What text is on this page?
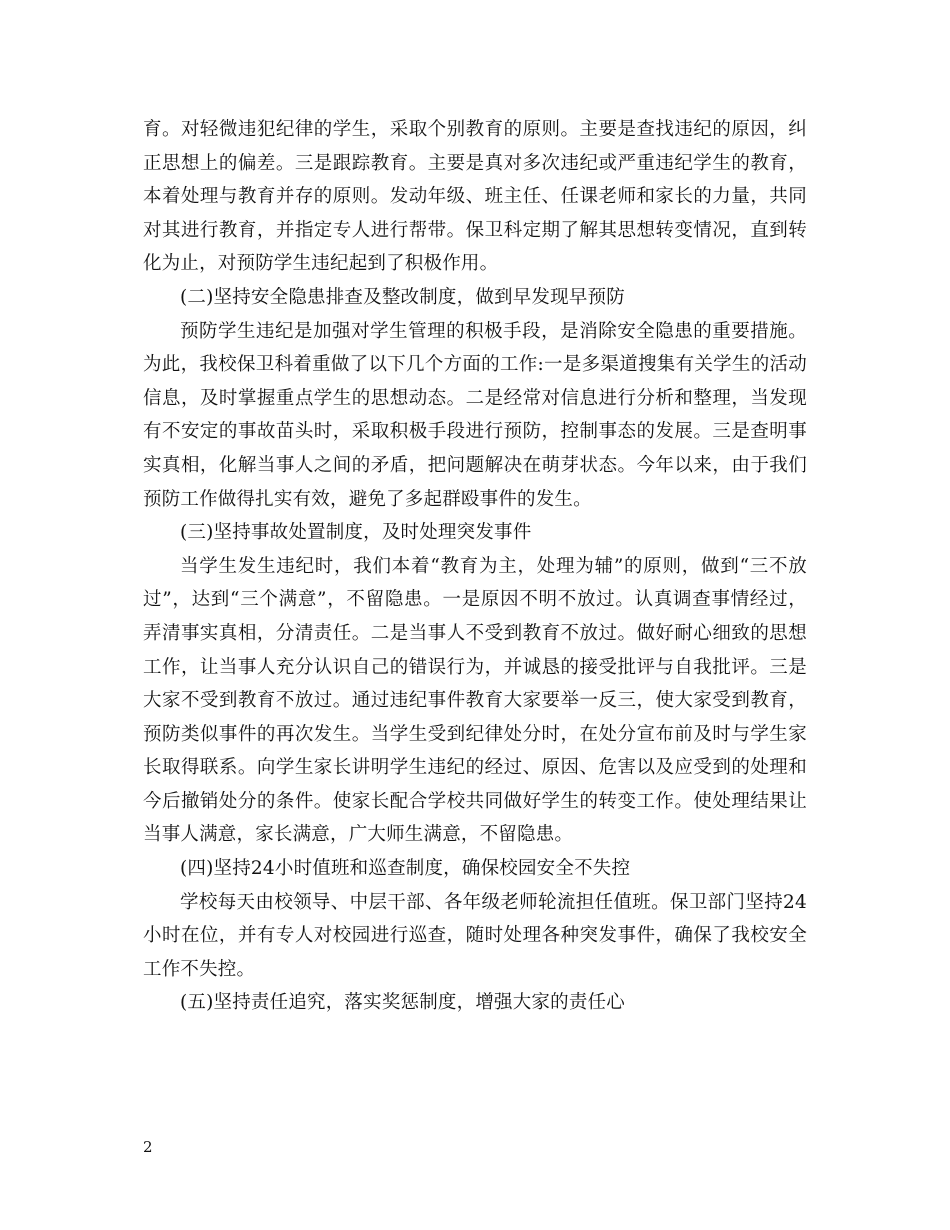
育。对轻微违犯纪律的学生，采取个别教育的原则。主要是查找违纪的原因，纠正思想上的偏差。三是跟踪教育。主要是真对多次违纪或严重违纪学生的教育，本着处理与教育并存的原则。发动年级、班主任、任课老师和家长的力量，共同对其进行教育，并指定专人进行帮带。保卫科定期了解其思想转变情况，直到转化为止，对预防学生违纪起到了积极作用。

(二)坚持安全隐患排查及整改制度，做到早发现早预防

预防学生违纪是加强对学生管理的积极手段，是消除安全隐患的重要措施。为此，我校保卫科着重做了以下几个方面的工作:一是多渠道搜集有关学生的活动信息，及时掌握重点学生的思想动态。二是经常对信息进行分析和整理，当发现有不安定的事故苗头时，采取积极手段进行预防，控制事态的发展。三是查明事实真相，化解当事人之间的矛盾，把问题解决在萌芽状态。今年以来，由于我们预防工作做得扎实有效，避免了多起群殴事件的发生。

(三)坚持事故处置制度，及时处理突发事件

当学生发生违纪时，我们本着“教育为主，处理为辅”的原则，做到“三不放过”，达到“三个满意”，不留隐患。一是原因不明不放过。认真调查事情经过，弄清事实真相，分清责任。二是当事人不受到教育不放过。做好耐心细致的思想工作，让当事人充分认识自己的错误行为，并诚恳的接受批评与自我批评。三是大家不受到教育不放过。通过违纪事件教育大家要举一反三，使大家受到教育，预防类似事件的再次发生。当学生受到纪律处分时，在处分宣布前及时与学生家长取得联系。向学生家长讲明学生违纪的经过、原因、危害以及应受到的处理和今后撤销处分的条件。使家长配合学校共同做好学生的转变工作。使处理结果让当事人满意，家长满意，广大师生满意，不留隐患。

(四)坚持24小时值班和巡查制度，确保校园安全不失控

学校每天由校领导、中层干部、各年级老师轮流担任值班。保卫部门坚持24小时在位，并有专人对校园进行巡查，随时处理各种突发事件，确保了我校安全工作不失控。

(五)坚持责任追究，落实奖惩制度，增强大家的责任心

2
